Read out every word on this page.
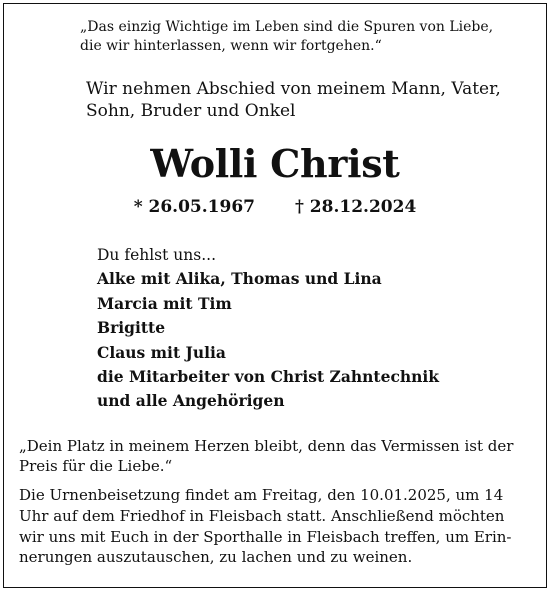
„Das einzig Wichtige im Leben sind die Spuren von Liebe,
die wir hinterlassen, wenn wir fortgehen.“
Wir nehmen Abschied von meinem Mann, Vater,
Sohn, Bruder und Onkel
Wolli Christ
* 26.05.1967 † 28.12.2024
Du fehlst uns...
Alke mit Alika, Thomas und Lina
Marcia mit Tim
Brigitte
Claus mit Julia
die Mitarbeiter von Christ Zahntechnik
und alle Angehörigen
„Dein Platz in meinem Herzen bleibt, denn das Vermissen ist der Preis für die Liebe.“
Die Urnenbeisetzung findet am Freitag, den 10.01.2025, um 14
Uhr auf dem Friedhof in Fleisbach statt. Anschließend möchten
wir uns mit Euch in der Sporthalle in Fleisbach treffen, um Erin-
nerungen auszutauschen, zu lachen und zu weinen.
